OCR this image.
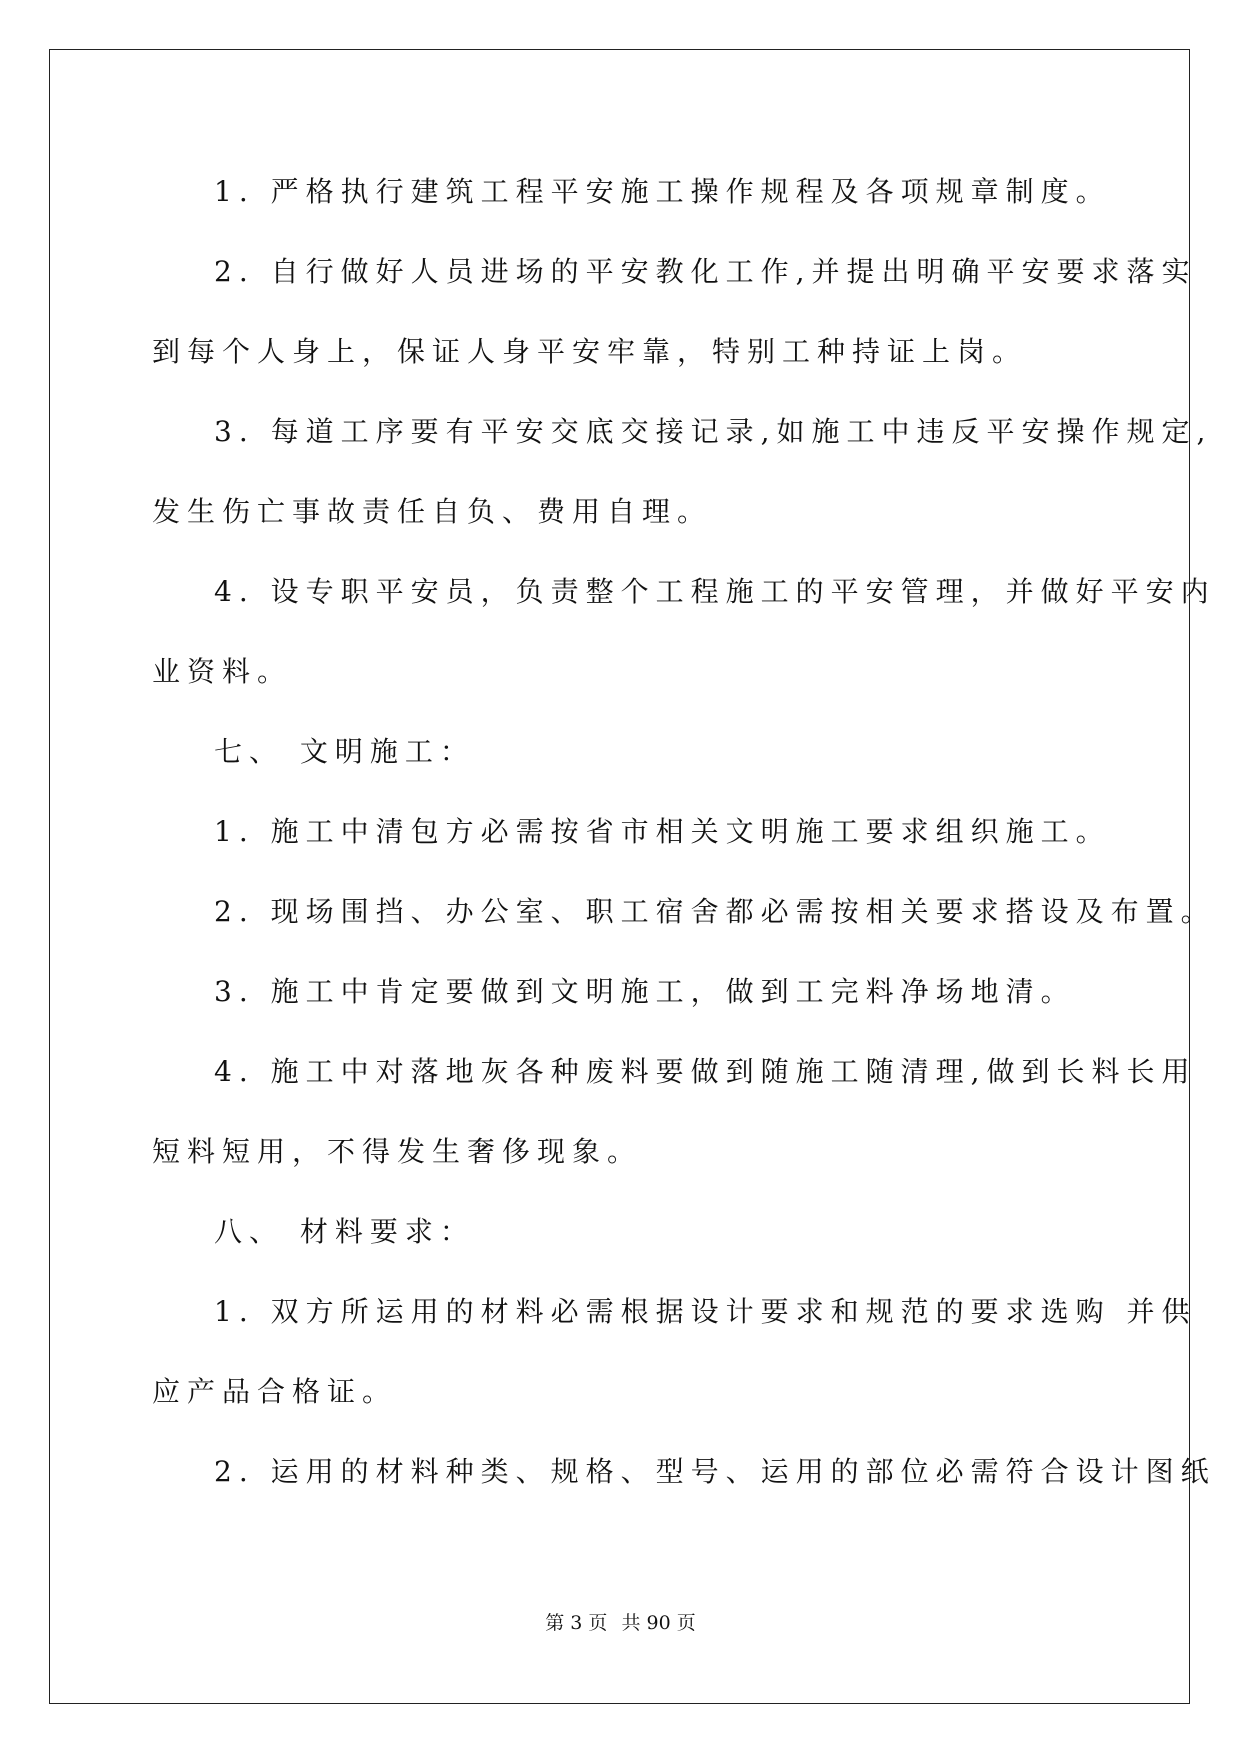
1. 严格执行建筑工程平安施工操作规程及各项规章制度。
2. 自行做好人员进场的平安教化工作,并提出明确平安要求落实
到每个人身上，保证人身平安牢靠，特别工种持证上岗。
3. 每道工序要有平安交底交接记录,如施工中违反平安操作规定,
发生伤亡事故责任自负、费用自理。
4. 设专职平安员，负责整个工程施工的平安管理，并做好平安内
业资料。
七、 文明施工：
1. 施工中清包方必需按省市相关文明施工要求组织施工。
2. 现场围挡、办公室、职工宿舍都必需按相关要求搭设及布置。
3. 施工中肯定要做到文明施工，做到工完料净场地清。
4. 施工中对落地灰各种废料要做到随施工随清理,做到长料长用
短料短用，不得发生奢侈现象。
八、 材料要求：
1. 双方所运用的材料必需根据设计要求和规范的要求选购 并供
应产品合格证。
2. 运用的材料种类、规格、型号、运用的部位必需符合设计图纸
第 3 页 共 90 页
